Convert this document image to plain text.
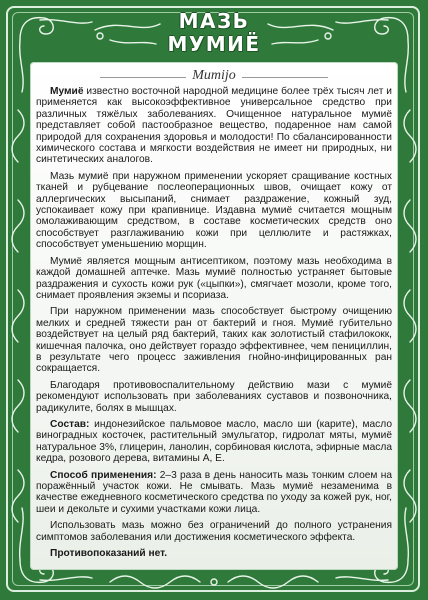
МАЗЬ
МУМИЁ
Mumijo

Мумиё известно восточной народной медицине более трёх тысяч лет и применяется как высокоэффективное универсальное средство при различных тяжёлых заболеваниях. Очищенное натуральное мумиё представляет собой пастообразное вещество, подаренное нам самой природой для сохранения здоровья и молодости! По сбалансированности химического состава и мягкости воздействия не имеет ни природных, ни синтетических аналогов.

Мазь мумиё при наружном применении ускоряет сращивание костных тканей и рубцевание послеоперационных швов, очищает кожу от аллергических высыпаний, снимает раздражение, кожный зуд, успокаивает кожу при крапивнице. Издавна мумиё считается мощным омолаживающим средством, в составе косметических средств оно способствует разглаживанию кожи при целлюлите и растяжках, способствует уменьшению морщин.

Мумиё является мощным антисептиком, поэтому мазь необходима в каждой домашней аптечке. Мазь мумиё полностью устраняет бытовые раздражения и сухость кожи рук («цыпки»), смягчает мозоли, кроме того, снимает проявления экземы и псориаза.

При наружном применении мазь способствует быстрому очищению мелких и средней тяжести ран от бактерий и гноя. Мумиё губительно воздействует на целый ряд бактерий, таких как золотистый стафилококк, кишечная палочка, оно действует гораздо эффективнее, чем пенициллин, в результате чего процесс заживления гнойно-инфицированных ран сокращается.

Благодаря противовоспалительному действию мази с мумиё рекомендуют использовать при заболеваниях суставов и позвоночника, радикулите, болях в мышцах.

Состав: индонезийское пальмовое масло, масло ши (карите), масло виноградных косточек, растительный эмульгатор, гидролат мяты, мумиё натуральное 3%, глицерин, ланолин, сорбиновая кислота, эфирные масла кедра, розового дерева, витамины А, Е.

Способ применения: 2–3 раза в день наносить мазь тонким слоем на поражённый участок кожи. Не смывать. Мазь мумиё незаменима в качестве ежедневного косметического средства по уходу за кожей рук, ног, шеи и декольте и сухими участками кожи лица.

Использовать мазь можно без ограничений до полного устранения симптомов заболевания или достижения косметического эффекта.

Противопоказаний нет.
